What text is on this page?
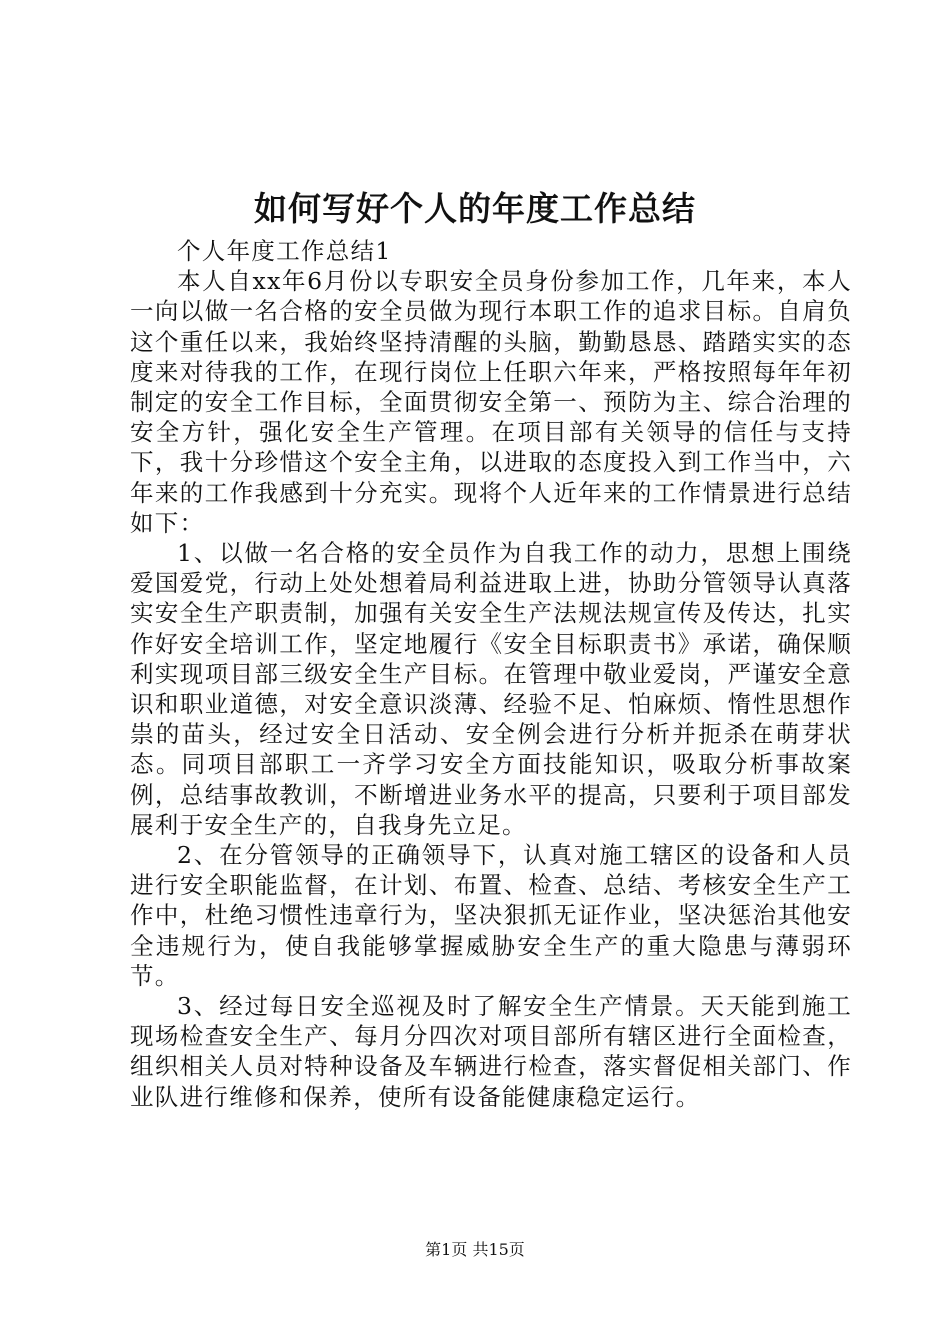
如何写好个人的年度工作总结

个人年度工作总结1

本人自xx年6月份以专职安全员身份参加工作，几年来，本人一向以做一名合格的安全员做为现行本职工作的追求目标。自肩负这个重任以来，我始终坚持清醒的头脑，勤勤恳恳、踏踏实实的态度来对待我的工作，在现行岗位上任职六年来，严格按照每年年初制定的安全工作目标，全面贯彻安全第一、预防为主、综合治理的安全方针，强化安全生产管理。在项目部有关领导的信任与支持下，我十分珍惜这个安全主角，以进取的态度投入到工作当中，六年来的工作我感到十分充实。现将个人近年来的工作情景进行总结如下：

1、以做一名合格的安全员作为自我工作的动力，思想上围绕爱国爱党，行动上处处想着局利益进取上进，协助分管领导认真落实安全生产职责制，加强有关安全生产法规法规宣传及传达，扎实作好安全培训工作，坚定地履行《安全目标职责书》承诺，确保顺利实现项目部三级安全生产目标。在管理中敬业爱岗，严谨安全意识和职业道德，对安全意识淡薄、经验不足、怕麻烦、惰性思想作祟的苗头，经过安全日活动、安全例会进行分析并扼杀在萌芽状态。同项目部职工一齐学习安全方面技能知识，吸取分析事故案例，总结事故教训，不断增进业务水平的提高，只要利于项目部发展利于安全生产的，自我身先立足。

2、在分管领导的正确领导下，认真对施工辖区的设备和人员进行安全职能监督，在计划、布置、检查、总结、考核安全生产工作中，杜绝习惯性违章行为，坚决狠抓无证作业，坚决惩治其他安全违规行为，使自我能够掌握威胁安全生产的重大隐患与薄弱环节。

3、经过每日安全巡视及时了解安全生产情景。天天能到施工现场检查安全生产、每月分四次对项目部所有辖区进行全面检查，组织相关人员对特种设备及车辆进行检查，落实督促相关部门、作业队进行维修和保养，使所有设备能健康稳定运行。

第1页 共15页
